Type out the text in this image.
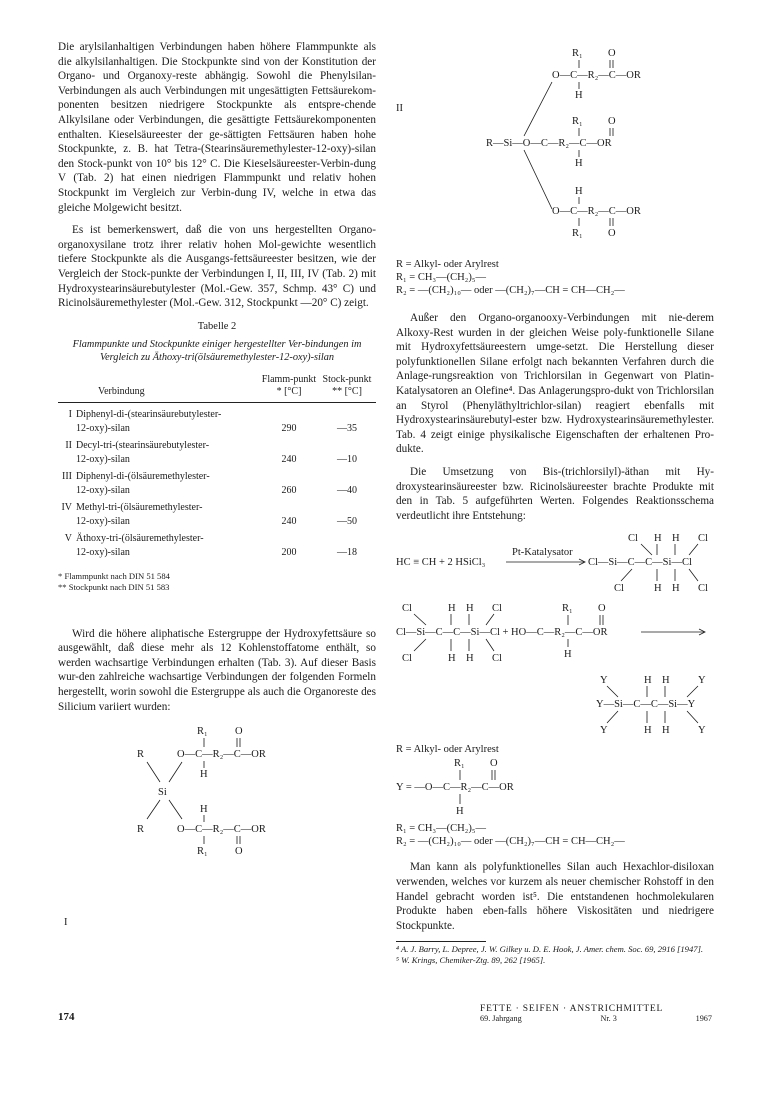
Die arylsilanhaltigen Verbindungen haben höhere Flammpunkte als die alkylsilanhaltigen. Die Stockpunkte sind von der Konstitution der Organo- und Organoxy-reste abhängig. Sowohl die Phenylsilan-Verbindungen als auch Verbindungen mit ungesättigten Fettsäurekom-ponenten besitzen niedrigere Stockpunkte als entspre-chende Alkylsilane oder Verbindungen, die gesättigte Fettsäurekomponenten enthalten. Kieselsäureester der ge-sättigten Fettsäuren haben hohe Stockpunkte, z. B. hat Tetra-(Stearinsäuremethylester-12-oxy)-silan den Stock-punkt von 10° bis 12° C. Die Kieselsäureester-Verbin-dung V (Tab. 2) hat einen niedrigen Flammpunkt und relativ hohen Stockpunkt im Vergleich zur Verbin-dung IV, welche in etwa das gleiche Molgewicht besitzt.

Es ist bemerkenswert, daß die von uns hergestellten Organo-organoxysilane trotz ihrer relativ hohen Mol-gewichte wesentlich tiefere Stockpunkte als die Ausgangs-fettsäureester besitzen, wie der Vergleich der Stock-punkte der Verbindungen I, II, III, IV (Tab. 2) mit Hydroxystearinsäurebutylester (Mol.-Gew. 357, Schmp. 43° C) und Ricinolsäuremethylester (Mol.-Gew. 312, Stockpunkt —20° C) zeigt.

Tabelle 2
Flammpunkte und Stockpunkte einiger hergestellter Ver-bindungen im Vergleich zu Äthoxy-tri(ölsäuremethylester-12-oxy)-silan
Verbindung	Flamm-punkt * [°C]	Stock-punkt ** [°C]
I Diphenyl-di-(stearinsäurebutylester-		
12-oxy)-silan	290	—35
II Decyl-tri-(stearinsäurebutylester-		
12-oxy)-silan	240	—10
III Diphenyl-di-(ölsäuremethylester-		
12-oxy)-silan	260	—40
IV Methyl-tri-(ölsäuremethylester-		
12-oxy)-silan	240	—50
V Äthoxy-tri-(ölsäuremethylester-		
12-oxy)-silan	200	—18
* Flammpunkt nach DIN 51 584
** Stockpunkt nach DIN 51 583

Wird die höhere aliphatische Estergruppe der Hydroxyfettsäure so ausgewählt, daß diese mehr als 12 Kohlenstoffatome enthält, so werden wachsartige Verbindungen erhalten (Tab. 3). Auf dieser Basis wur-den zahlreiche wachsartige Verbindungen der folgenden Formeln hergestellt, worin sowohl die Estergruppe als auch die Organoreste des Silicium variiert wurden:

R₁	O
R	O—C—R₂—C—OR
H
Si
H
R	O—C—R₂—C—OR
R₁	O
I
II
R₁ O
O—C—R₂—C—OR
H
R₁ O
R—Si—O—C—R₂—C—OR
H
H
O—C—R₂—C—OR
R₁ O
R = Alkyl- oder Arylrest
R₁ = CH₃—(CH₂)₅—
R₂ = —(CH₂)₁₀— oder —(CH₂)₇—CH = CH—CH₂—

Außer den Organo-organooxy-Verbindungen mit nie-derem Alkoxy-Rest wurden in der gleichen Weise poly-funktionelle Silane mit Hydroxyfettsäureestern umge-setzt. Die Herstellung dieser polyfunktionellen Silane erfolgt nach bekannten Verfahren durch die Anlage-rungsreaktion von Trichlorsilan in Gegenwart von Platin-Katalysatoren an Olefine⁴. Das Anlagerungspro-dukt von Trichlorsilan an Styrol (Phenyläthyltrichlor-silan) reagiert ebenfalls mit Hydroxystearinsäurebutyl-ester bzw. Hydroxystearinsäuremethylester. Tab. 4 zeigt einige physikalische Eigenschaften der erhaltenen Pro-dukte.

Die Umsetzung von Bis-(trichlorsilyl)-äthan mit Hy-droxystearinsäureester bzw. Ricinolsäureester brachte Produkte mit den in Tab. 5 aufgeführten Werten. Folgendes Reaktionsschema verdeutlicht ihre Entstehung:

Cl H H Cl
HC ≡ CH + 2 HSiCl₃
Pt-Katalysator
Cl—Si—C—C—Si—Cl
Cl	H H Cl
Cl	H H Cl	R₁ O
Cl—Si—C—C—Si—Cl + HO—C—R₂—C—OR
Cl	H H Cl	H
Y	H H	Y
Y—Si—C—C—Si—Y
Y	H H	Y
R = Alkyl- oder Arylrest
R₁ O
Y = —O—C—R₂—C—OR
H
R₁ = CH₃—(CH₂)₅—
R₂ = —(CH₂)₁₀— oder —(CH₂)₇—CH = CH—CH₂—

Man kann als polyfunktionelles Silan auch Hexachlor-disiloxan verwenden, welches vor kurzem als neuer chemischer Rohstoff in den Handel gebracht worden ist⁵. Die entstandenen hochmolekularen Produkte haben eben-falls höhere Viskositäten und niedrigere Stockpunkte.

⁴ A. J. Barry, L. Depree, J. W. Gilkey u. D. E. Hook, J. Amer. chem. Soc. 69, 2916 [1947].
⁵ W. Krings, Chemiker-Ztg. 89, 262 [1965].
174
FETTE · SEIFEN · ANSTRICHMITTEL
69. Jahrgang	Nr. 3	1967
